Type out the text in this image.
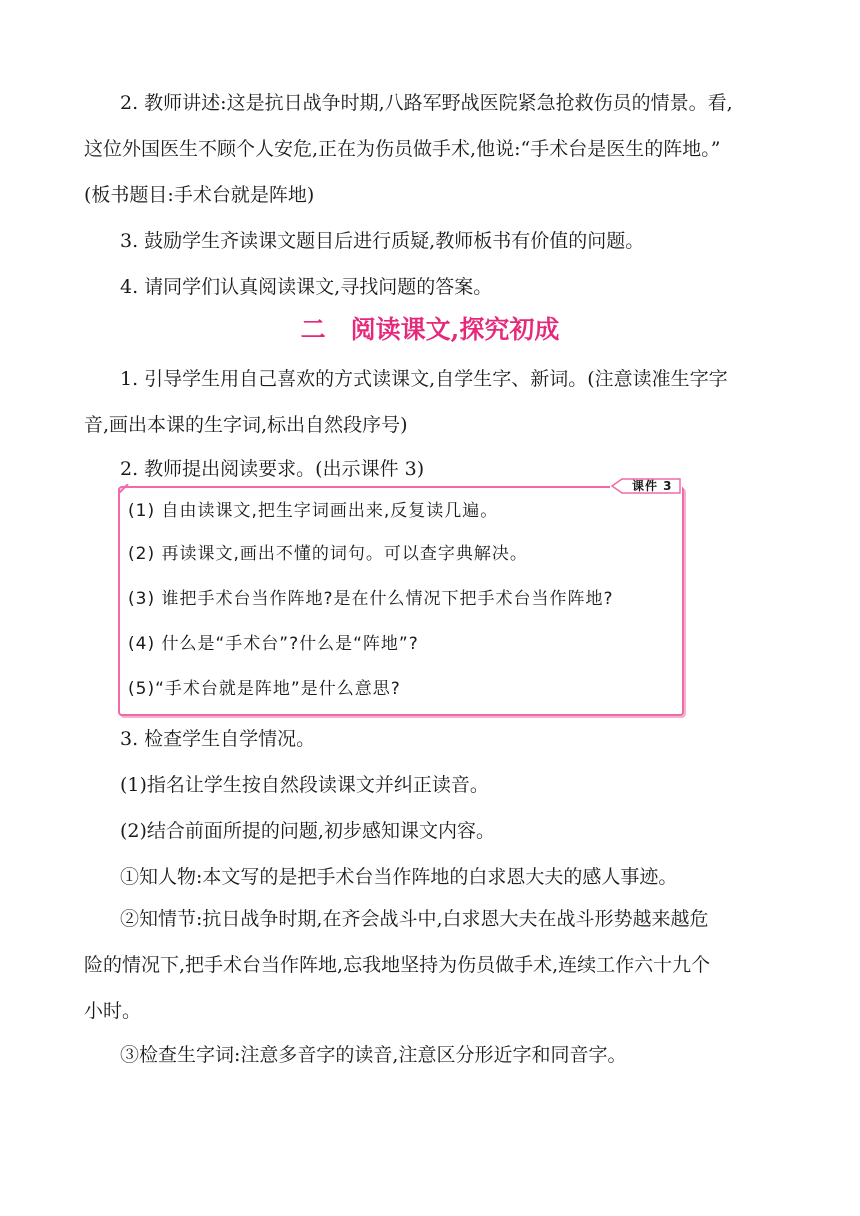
2. 教师讲述:这是抗日战争时期,八路军野战医院紧急抢救伤员的情景。看,

这位外国医生不顾个人安危,正在为伤员做手术,他说:“手术台是医生的阵地。”

(板书题目:手术台就是阵地)

3. 鼓励学生齐读课文题目后进行质疑,教师板书有价值的问题。

4. 请同学们认真阅读课文,寻找问题的答案。

二　阅读课文,探究初成

1. 引导学生用自己喜欢的方式读课文,自学生字、新词。(注意读准生字字

音,画出本课的生字词,标出自然段序号)

2. 教师提出阅读要求。(出示课件 3)

课件 3
(1) 自由读课文,把生字词画出来,反复读几遍。
(2) 再读课文,画出不懂的词句。可以查字典解决。
(3) 谁把手术台当作阵地?是在什么情况下把手术台当作阵地?
(4) 什么是“手术台”?什么是“阵地”?
(5)“手术台就是阵地”是什么意思?

3. 检查学生自学情况。

(1)指名让学生按自然段读课文并纠正读音。

(2)结合前面所提的问题,初步感知课文内容。

①知人物:本文写的是把手术台当作阵地的白求恩大夫的感人事迹。

②知情节:抗日战争时期,在齐会战斗中,白求恩大夫在战斗形势越来越危

险的情况下,把手术台当作阵地,忘我地坚持为伤员做手术,连续工作六十九个

小时。

③检查生字词:注意多音字的读音,注意区分形近字和同音字。
